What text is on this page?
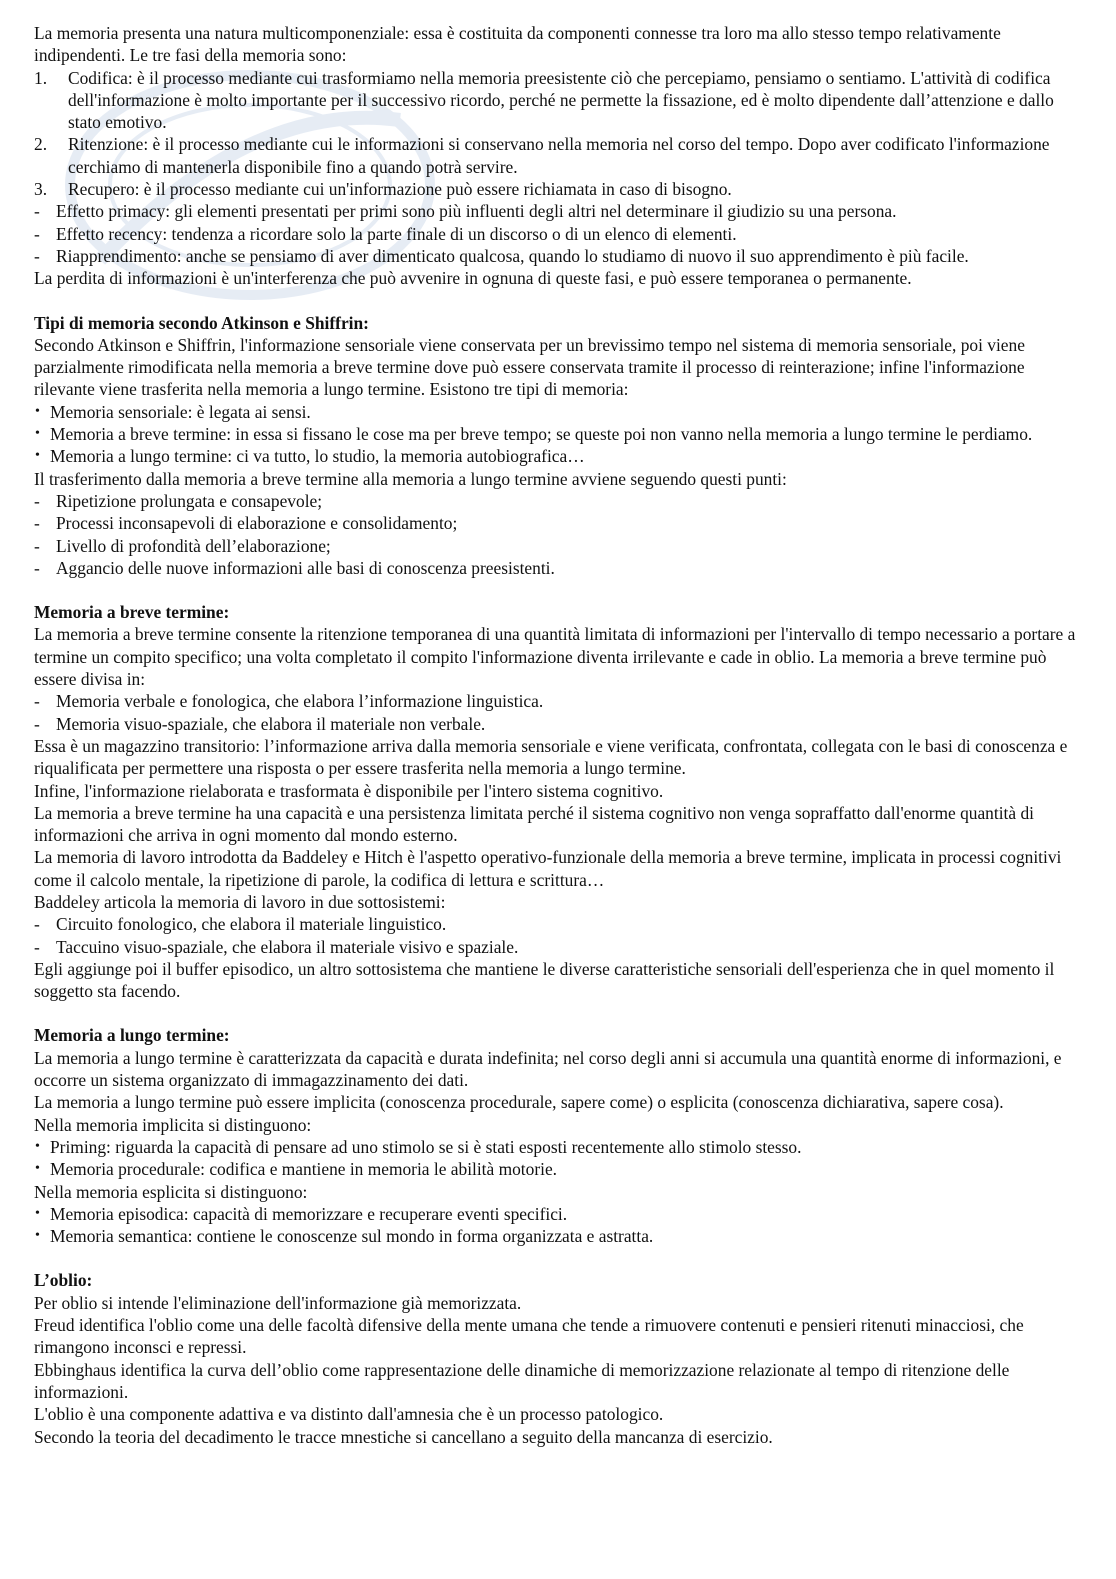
La memoria presenta una natura multicomponenziale: essa è costituita da componenti connesse tra loro ma allo stesso tempo relativamente indipendenti. Le tre fasi della memoria sono:

1.	Codifica: è il processo mediante cui trasformiamo nella memoria preesistente ciò che percepiamo, pensiamo o sentiamo. L'attività di codifica dell'informazione è molto importante per il successivo ricordo, perché ne permette la fissazione, ed è molto dipendente dall’attenzione e dallo stato emotivo.
2.	Ritenzione: è il processo mediante cui le informazioni si conservano nella memoria nel corso del tempo. Dopo aver codificato l'informazione cerchiamo di mantenerla disponibile fino a quando potrà servire.
3.	Recupero: è il processo mediante cui un'informazione può essere richiamata in caso di bisogno.
- Effetto primacy: gli elementi presentati per primi sono più influenti degli altri nel determinare il giudizio su una persona.
- Effetto recency: tendenza a ricordare solo la parte finale di un discorso o di un elenco di elementi.
- Riapprendimento: anche se pensiamo di aver dimenticato qualcosa, quando lo studiamo di nuovo il suo apprendimento è più facile.

La perdita di informazioni è un'interferenza che può avvenire in ognuna di queste fasi, e può essere temporanea o permanente.

Tipi di memoria secondo Atkinson e Shiffrin:

Secondo Atkinson e Shiffrin, l'informazione sensoriale viene conservata per un brevissimo tempo nel sistema di memoria sensoriale, poi viene parzialmente rimodificata nella memoria a breve termine dove può essere conservata tramite il processo di reinterazione; infine l'informazione rilevante viene trasferita nella memoria a lungo termine. Esistono tre tipi di memoria:

• Memoria sensoriale: è legata ai sensi.
• Memoria a breve termine: in essa si fissano le cose ma per breve tempo; se queste poi non vanno nella memoria a lungo termine le perdiamo.
• Memoria a lungo termine: ci va tutto, lo studio, la memoria autobiografica…

Il trasferimento dalla memoria a breve termine alla memoria a lungo termine avviene seguendo questi punti:

- Ripetizione prolungata e consapevole;
- Processi inconsapevoli di elaborazione e consolidamento;
- Livello di profondità dell’elaborazione;
- Aggancio delle nuove informazioni alle basi di conoscenza preesistenti.
Memoria a breve termine:

La memoria a breve termine consente la ritenzione temporanea di una quantità limitata di informazioni per l'intervallo di tempo necessario a portare a termine un compito specifico; una volta completato il compito l'informazione diventa irrilevante e cade in oblio. La memoria a breve termine può essere divisa in:

- Memoria verbale e fonologica, che elabora l’informazione linguistica.
- Memoria visuo-spaziale, che elabora il materiale non verbale.

Essa è un magazzino transitorio: l’informazione arriva dalla memoria sensoriale e viene verificata, confrontata, collegata con le basi di conoscenza e riqualificata per permettere una risposta o per essere trasferita nella memoria a lungo termine.

Infine, l'informazione rielaborata e trasformata è disponibile per l'intero sistema cognitivo.

La memoria a breve termine ha una capacità e una persistenza limitata perché il sistema cognitivo non venga sopraffatto dall'enorme quantità di informazioni che arriva in ogni momento dal mondo esterno.

La memoria di lavoro introdotta da Baddeley e Hitch è l'aspetto operativo-funzionale della memoria a breve termine, implicata in processi cognitivi come il calcolo mentale, la ripetizione di parole, la codifica di lettura e scrittura…

Baddeley articola la memoria di lavoro in due sottosistemi:

- Circuito fonologico, che elabora il materiale linguistico.
- Taccuino visuo-spaziale, che elabora il materiale visivo e spaziale.

Egli aggiunge poi il buffer episodico, un altro sottosistema che mantiene le diverse caratteristiche sensoriali dell'esperienza che in quel momento il soggetto sta facendo.

Memoria a lungo termine:

La memoria a lungo termine è caratterizzata da capacità e durata indefinita; nel corso degli anni si accumula una quantità enorme di informazioni, e occorre un sistema organizzato di immagazzinamento dei dati.

La memoria a lungo termine può essere implicita (conoscenza procedurale, sapere come) o esplicita (conoscenza dichiarativa, sapere cosa).

Nella memoria implicita si distinguono:

• Priming: riguarda la capacità di pensare ad uno stimolo se si è stati esposti recentemente allo stimolo stesso.
• Memoria procedurale: codifica e mantiene in memoria le abilità motorie.

Nella memoria esplicita si distinguono:

• Memoria episodica: capacità di memorizzare e recuperare eventi specifici.
• Memoria semantica: contiene le conoscenze sul mondo in forma organizzata e astratta.
L’oblio:

Per oblio si intende l'eliminazione dell'informazione già memorizzata.

Freud identifica l'oblio come una delle facoltà difensive della mente umana che tende a rimuovere contenuti e pensieri ritenuti minacciosi, che rimangono inconsci e repressi.

Ebbinghaus identifica la curva dell’oblio come rappresentazione delle dinamiche di memorizzazione relazionate al tempo di ritenzione delle informazioni.

L'oblio è una componente adattiva e va distinto dall'amnesia che è un processo patologico.

Secondo la teoria del decadimento le tracce mnestiche si cancellano a seguito della mancanza di esercizio.
